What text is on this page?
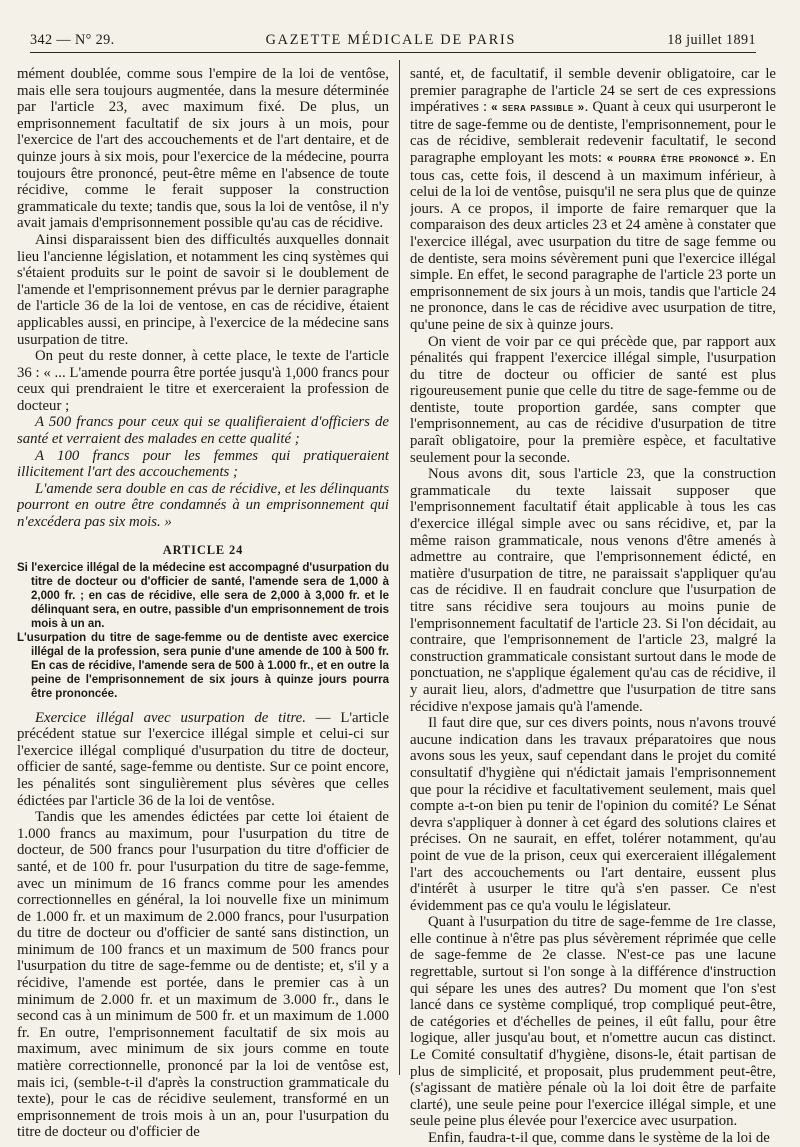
342 — N° 29.	GAZETTE MÉDICALE DE PARIS	18 juillet 1891

mément doublée, comme sous l'empire de la loi de ventôse, mais elle sera toujours augmentée, dans la mesure déterminée par l'article 23, avec maximum fixé. De plus, un emprisonnement facultatif de six jours à un mois, pour l'exercice de l'art des accouchements et de l'art dentaire, et de quinze jours à six mois, pour l'exercice de la médecine, pourra toujours être prononcé, peut-être même en l'absence de toute récidive, comme le ferait supposer la construction grammaticale du texte; tandis que, sous la loi de ventôse, il n'y avait jamais d'emprisonnement possible qu'au cas de récidive.

Ainsi disparaissent bien des difficultés auxquelles donnait lieu l'ancienne législation, et notamment les cinq systèmes qui s'étaient produits sur le point de savoir si le doublement de l'amende et l'emprisonnement prévus par le dernier paragraphe de l'article 36 de la loi de ventose, en cas de récidive, étaient applicables aussi, en principe, à l'exercice de la médecine sans usurpation de titre.

On peut du reste donner, à cette place, le texte de l'article 36 : « ... L'amende pourra être portée jusqu'à 1,000 francs pour ceux qui prendraient le titre et exerceraient la profession de docteur ;

A 500 francs pour ceux qui se qualifieraient d'officiers de santé et verraient des malades en cette qualité ;

A 100 francs pour les femmes qui pratiqueraient illicitement l'art des accouchements ;

L'amende sera double en cas de récidive, et les délinquants pourront en outre être condamnés à un emprisonnement qui n'excédera pas six mois. »

ARTICLE 24

Si l'exercice illégal de la médecine est accompagné d'usurpation du titre de docteur ou d'officier de santé, l'amende sera de 1,000 à 2,000 fr. ; en cas de récidive, elle sera de 2,000 à 3,000 fr. et le délinquant sera, en outre, passible d'un emprisonnement de trois mois à un an.

L'usurpation du titre de sage-femme ou de dentiste avec exercice illégal de la profession, sera punie d'une amende de 100 à 500 fr. En cas de récidive, l'amende sera de 500 à 1.000 fr., et en outre la peine de l'emprisonnement de six jours à quinze jours pourra être prononcée.

Exercice illégal avec usurpation de titre. — L'article précédent statue sur l'exercice illégal simple et celui-ci sur l'exercice illégal compliqué d'usurpation du titre de docteur, officier de santé, sage-femme ou dentiste. Sur ce point encore, les pénalités sont singulièrement plus sévères que celles édictées par l'article 36 de la loi de ventôse.

Tandis que les amendes édictées par cette loi étaient de 1.000 francs au maximum, pour l'usurpation du titre de docteur, de 500 francs pour l'usurpation du titre d'officier de santé, et de 100 fr. pour l'usurpation du titre de sage-femme, avec un minimum de 16 francs comme pour les amendes correctionnelles en général, la loi nouvelle fixe un minimum de 1.000 fr. et un maximum de 2.000 francs, pour l'usurpation du titre de docteur ou d'officier de santé sans distinction, un minimum de 100 francs et un maximum de 500 francs pour l'usurpation du titre de sage-femme ou de dentiste; et, s'il y a récidive, l'amende est portée, dans le premier cas à un minimum de 2.000 fr. et un maximum de 3.000 fr., dans le second cas à un minimum de 500 fr. et un maximum de 1.000 fr. En outre, l'emprisonnement facultatif de six mois au maximum, avec minimum de six jours comme en toute matière correctionnelle, prononcé par la loi de ventôse est, mais ici, (semble-t-il d'après la construction grammaticale du texte), pour le cas de récidive seulement, transformé en un emprisonnement de trois mois à un an, pour l'usurpation du titre de docteur ou d'officier de

santé, et, de facultatif, il semble devenir obligatoire, car le premier paragraphe de l'article 24 se sert de ces expressions impératives : « sera passible ». Quant à ceux qui usurperont le titre de sage-femme ou de dentiste, l'emprisonnement, pour le cas de récidive, semblerait redevenir facultatif, le second paragraphe employant les mots: « pourra être prononcé ». En tous cas, cette fois, il descend à un maximum inférieur, à celui de la loi de ventôse, puisqu'il ne sera plus que de quinze jours. A ce propos, il importe de faire remarquer que la comparaison des deux articles 23 et 24 amène à constater que l'exercice illégal, avec usurpation du titre de sage femme ou de dentiste, sera moins sévèrement puni que l'exercice illégal simple. En effet, le second paragraphe de l'article 23 porte un emprisonnement de six jours à un mois, tandis que l'article 24 ne prononce, dans le cas de récidive avec usurpation de titre, qu'une peine de six à quinze jours.

On vient de voir par ce qui précède que, par rapport aux pénalités qui frappent l'exercice illégal simple, l'usurpation du titre de docteur ou officier de santé est plus rigoureusement punie que celle du titre de sage-femme ou de dentiste, toute proportion gardée, sans compter que l'emprisonnement, au cas de récidive d'usurpation de titre paraît obligatoire, pour la première espèce, et facultative seulement pour la seconde.

Nous avons dit, sous l'article 23, que la construction grammaticale du texte laissait supposer que l'emprisonnement facultatif était applicable à tous les cas d'exercice illégal simple avec ou sans récidive, et, par la même raison grammaticale, nous venons d'être amenés à admettre au contraire, que l'emprisonnement édicté, en matière d'usurpation de titre, ne paraissait s'appliquer qu'au cas de récidive. Il en faudrait conclure que l'usurpation de titre sans récidive sera toujours au moins punie de l'emprisonnement facultatif de l'article 23. Si l'on décidait, au contraire, que l'emprisonnement de l'article 23, malgré la construction grammaticale consistant surtout dans le mode de ponctuation, ne s'applique également qu'au cas de récidive, il y aurait lieu, alors, d'admettre que l'usurpation de titre sans récidive n'expose jamais qu'à l'amende.

Il faut dire que, sur ces divers points, nous n'avons trouvé aucune indication dans les travaux préparatoires que nous avons sous les yeux, sauf cependant dans le projet du comité consultatif d'hygiène qui n'édictait jamais l'emprisonnement que pour la récidive et facultativement seulement, mais quel compte a-t-on bien pu tenir de l'opinion du comité? Le Sénat devra s'appliquer à donner à cet égard des solutions claires et précises. On ne saurait, en effet, tolérer notamment, qu'au point de vue de la prison, ceux qui exerceraient illégalement l'art des accouchements ou l'art dentaire, eussent plus d'intérêt à usurper le titre qu'à s'en passer. Ce n'est évidemment pas ce qu'a voulu le législateur.

Quant à l'usurpation du titre de sage-femme de 1re classe, elle continue à n'être pas plus sévèrement réprimée que celle de sage-femme de 2e classe. N'est-ce pas une lacune regrettable, surtout si l'on songe à la différence d'instruction qui sépare les unes des autres? Du moment que l'on s'est lancé dans ce système compliqué, trop compliqué peut-être, de catégories et d'échelles de peines, il eût fallu, pour être logique, aller jusqu'au bout, et n'omettre aucun cas distinct. Le Comité consultatif d'hygiène, disons-le, était partisan de plus de simplicité, et proposait, plus prudemment peut-être, (s'agissant de matière pénale où la loi doit être de parfaite clarté), une seule peine pour l'exercice illégal simple, et une seule peine plus élevée pour l'exercice avec usurpation.

Enfin, faudra-t-il que, comme dans le système de la loi de
